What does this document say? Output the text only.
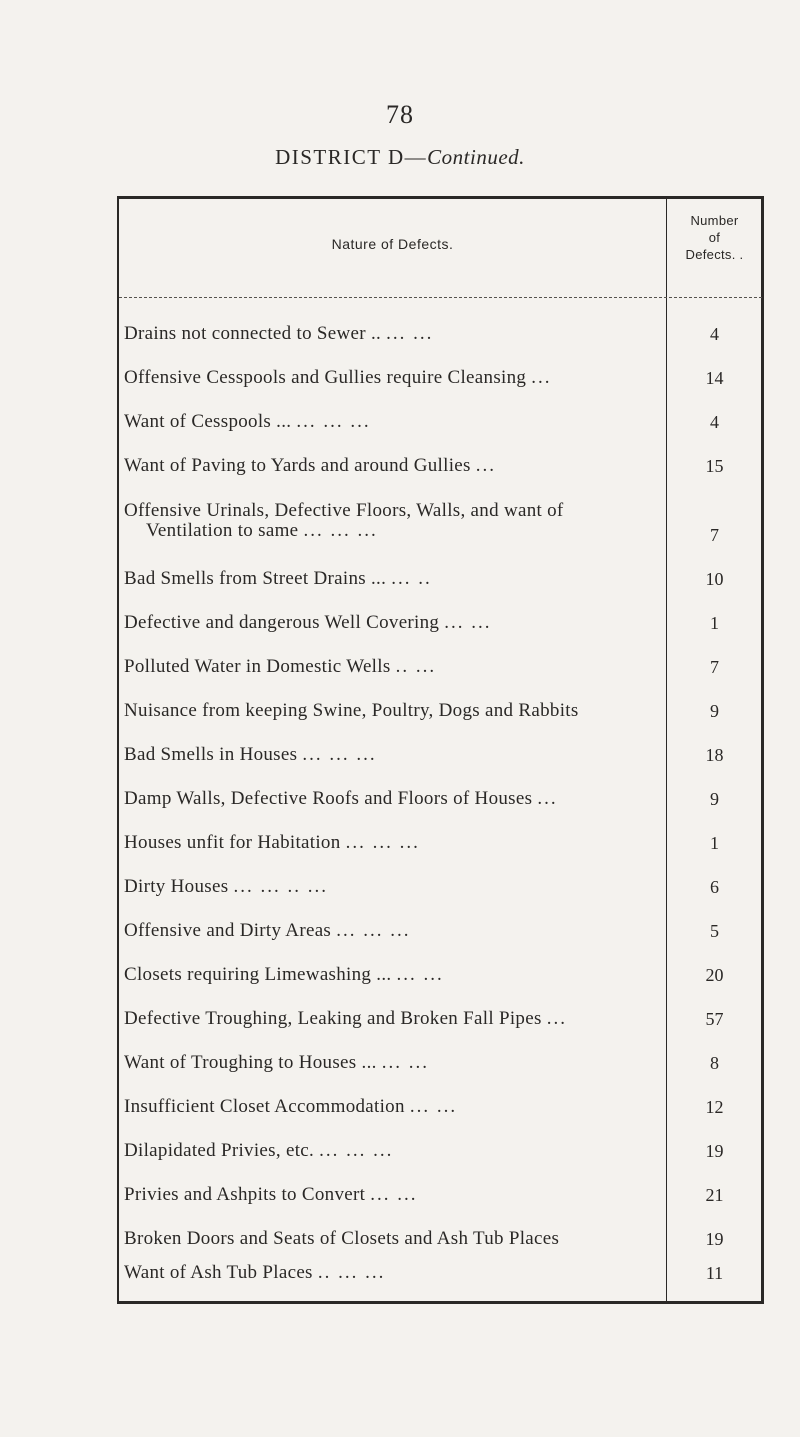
78
DISTRICT D—Continued.
Nature of Defects.
Number
of
Defects. .
Drains not connected to Sewer .. ... ...	4
Offensive Cesspools and Gullies require Cleansing ...	14
Want of Cesspools ... ... ... ...	4
Want of Paving to Yards and around Gullies ...	15
Offensive Urinals, Defective Floors, Walls, and want of
Ventilation to same ... ... ...	7
Bad Smells from Street Drains ... ... ..	10
Defective and dangerous Well Covering ... ...	1
Polluted Water in Domestic Wells .. ...	7
Nuisance from keeping Swine, Poultry, Dogs and Rabbits	9
Bad Smells in Houses ... ... ...	18
Damp Walls, Defective Roofs and Floors of Houses ...	9
Houses unfit for Habitation ... ... ...	1
Dirty Houses ... ... .. ...	6
Offensive and Dirty Areas ... ... ...	5
Closets requiring Limewashing ... ... ...	20
Defective Troughing, Leaking and Broken Fall Pipes ...	57
Want of Troughing to Houses ... ... ...	8
Insufficient Closet Accommodation ... ...	12
Dilapidated Privies, etc. ... ... ...	19
Privies and Ashpits to Convert ... ...	21
Broken Doors and Seats of Closets and Ash Tub Places	19
Want of Ash Tub Places .. ... ...	11
